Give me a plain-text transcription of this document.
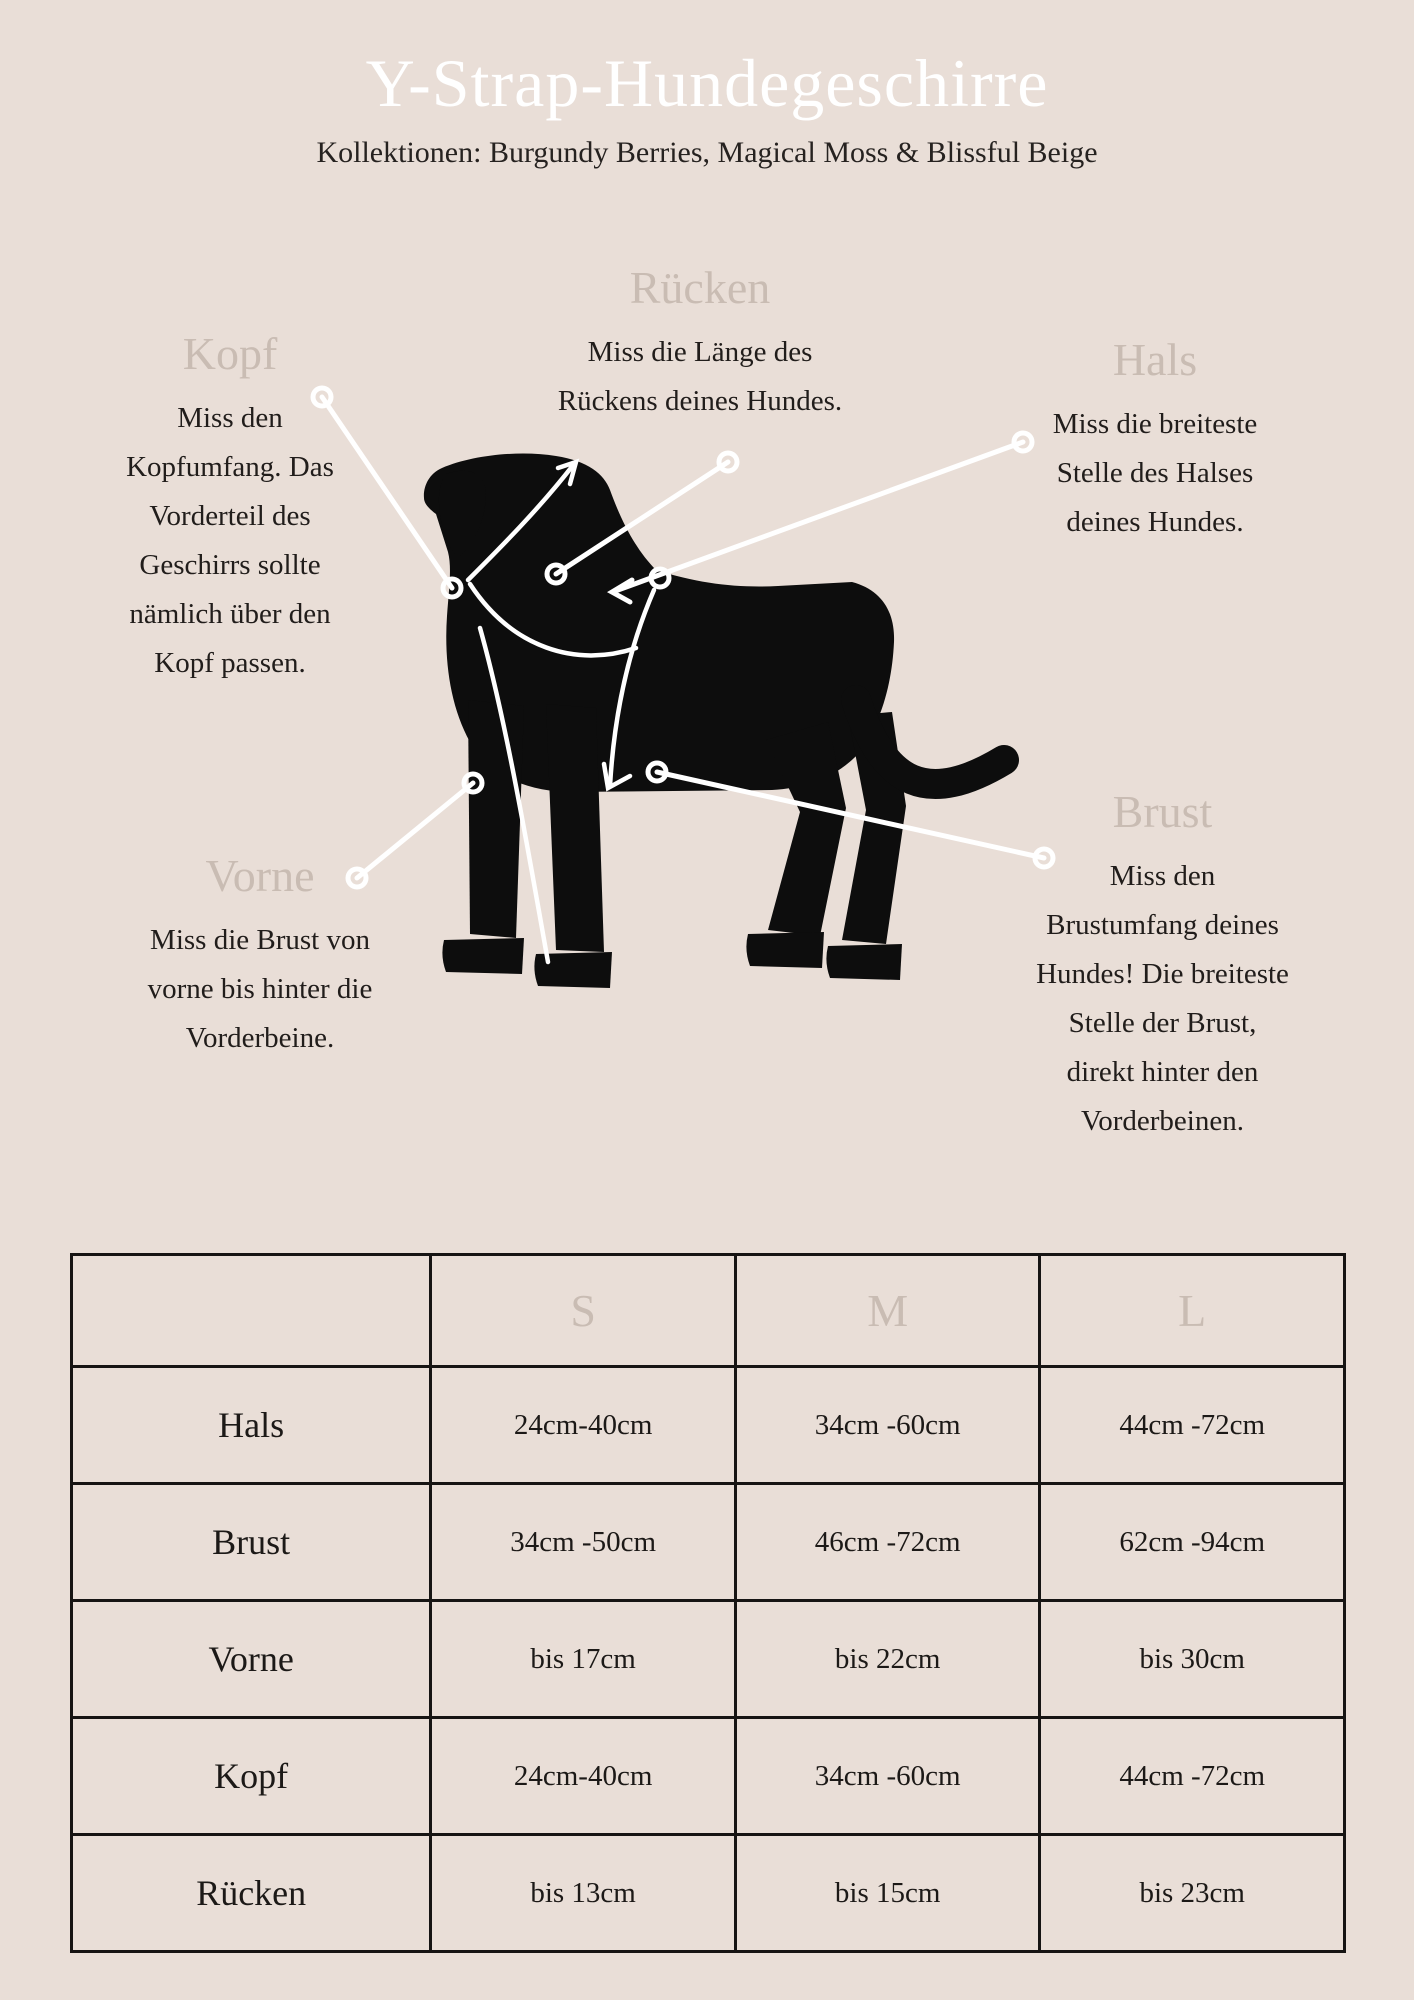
Y-Strap-Hundegeschirre
Kollektionen: Burgundy Berries, Magical Moss & Blissful Beige
Rücken
Miss die Länge des
Rückens deines Hundes.
Kopf
Miss den
Kopfumfang. Das
Vorderteil des
Geschirrs sollte
nämlich über den
Kopf passen.
Hals
Miss die breiteste
Stelle des Halses
deines Hundes.
Vorne
Miss die Brust von
vorne bis hinter die
Vorderbeine.
Brust
Miss den
Brustumfang deines
Hundes! Die breiteste
Stelle der Brust,
direkt hinter den
Vorderbeinen.
	S	M	L
Hals	24cm-40cm	34cm -60cm	44cm -72cm
Brust	34cm -50cm	46cm -72cm	62cm -94cm
Vorne	bis 17cm	bis 22cm	bis 30cm
Kopf	24cm-40cm	34cm -60cm	44cm -72cm
Rücken	bis 13cm	bis 15cm	bis 23cm
